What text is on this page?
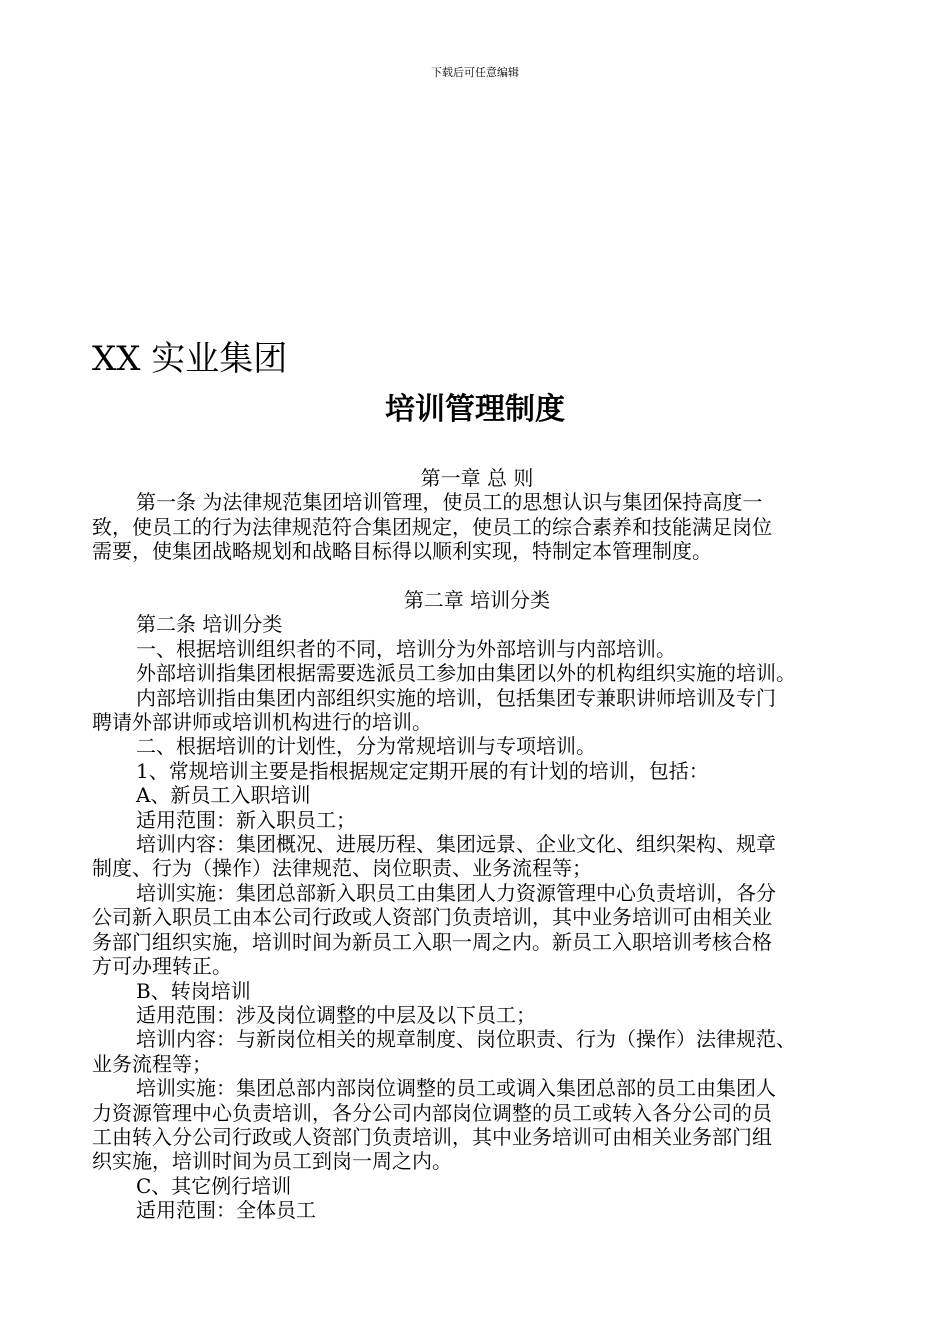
下载后可任意编辑
XX 实业集团
培训管理制度

第一章 总 则

第一条 为法律规范集团培训管理，使员工的思想认识与集团保持高度一

致，使员工的行为法律规范符合集团规定，使员工的综合素养和技能满足岗位

需要，使集团战略规划和战略目标得以顺利实现，特制定本管理制度。

第二章 培训分类

第二条 培训分类

一、根据培训组织者的不同，培训分为外部培训与内部培训。

外部培训指集团根据需要选派员工参加由集团以外的机构组织实施的培训。

内部培训指由集团内部组织实施的培训，包括集团专兼职讲师培训及专门

聘请外部讲师或培训机构进行的培训。

二、根据培训的计划性，分为常规培训与专项培训。

1、常规培训主要是指根据规定定期开展的有计划的培训，包括：

A、新员工入职培训

适用范围：新入职员工；

培训内容：集团概况、进展历程、集团远景、企业文化、组织架构、规章

制度、行为（操作）法律规范、岗位职责、业务流程等；

培训实施：集团总部新入职员工由集团人力资源管理中心负责培训，各分

公司新入职员工由本公司行政或人资部门负责培训，其中业务培训可由相关业

务部门组织实施，培训时间为新员工入职一周之内。新员工入职培训考核合格

方可办理转正。

B、转岗培训

适用范围：涉及岗位调整的中层及以下员工；

培训内容：与新岗位相关的规章制度、岗位职责、行为（操作）法律规范、

业务流程等；

培训实施：集团总部内部岗位调整的员工或调入集团总部的员工由集团人

力资源管理中心负责培训，各分公司内部岗位调整的员工或转入各分公司的员

工由转入分公司行政或人资部门负责培训，其中业务培训可由相关业务部门组

织实施，培训时间为员工到岗一周之内。

C、其它例行培训

适用范围：全体员工
